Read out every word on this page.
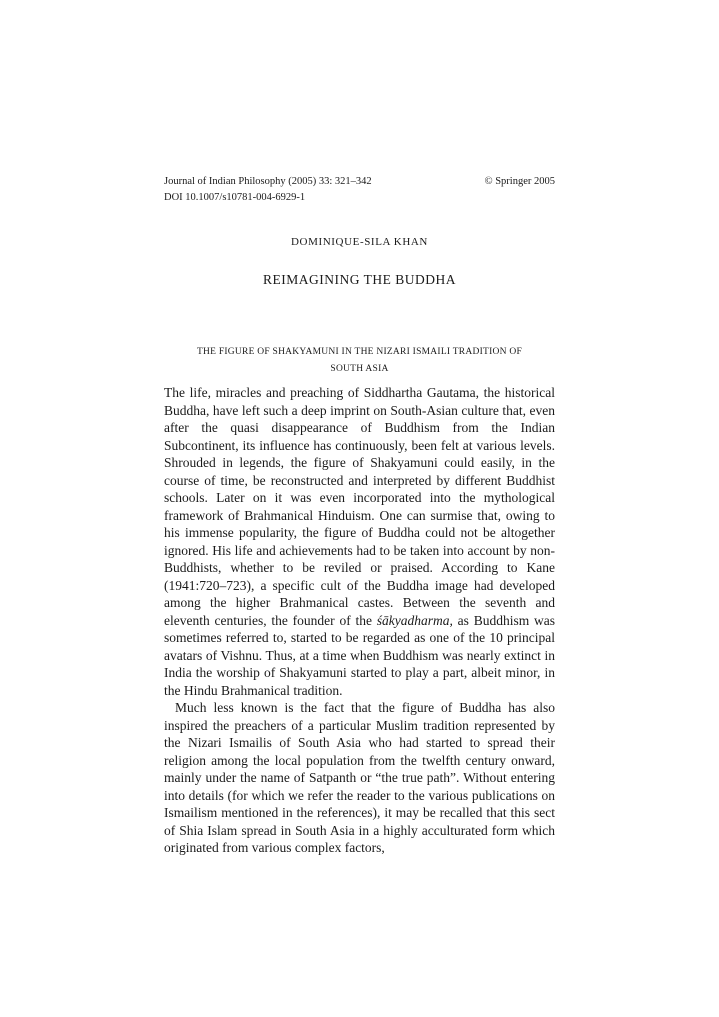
Journal of Indian Philosophy (2005) 33: 321–342	© Springer 2005
DOI 10.1007/s10781-004-6929-1
DOMINIQUE-SILA KHAN
REIMAGINING THE BUDDHA
THE FIGURE OF SHAKYAMUNI IN THE NIZARI ISMAILI TRADITION OF
SOUTH ASIA

The life, miracles and preaching of Siddhartha Gautama, the historical Buddha, have left such a deep imprint on South-Asian culture that, even after the quasi disappearance of Buddhism from the Indian Subcontinent, its influence has continuously, been felt at various levels. Shrouded in legends, the figure of Shakyamuni could easily, in the course of time, be reconstructed and interpreted by different Buddhist schools. Later on it was even incorporated into the mythological framework of Brahmanical Hinduism. One can surmise that, owing to his immense popularity, the figure of Buddha could not be altogether ignored. His life and achievements had to be taken into account by non-Buddhists, whether to be reviled or praised. According to Kane (1941:720–723), a specific cult of the Buddha image had developed among the higher Brahmanical castes. Between the seventh and eleventh centuries, the founder of the śākyadharma, as Buddhism was sometimes referred to, started to be regarded as one of the 10 principal avatars of Vishnu. Thus, at a time when Buddhism was nearly extinct in India the worship of Shakyamuni started to play a part, albeit minor, in the Hindu Brahmanical tradition.

Much less known is the fact that the figure of Buddha has also inspired the preachers of a particular Muslim tradition represented by the Nizari Ismailis of South Asia who had started to spread their religion among the local population from the twelfth century onward, mainly under the name of Satpanth or “the true path”. Without entering into details (for which we refer the reader to the various publications on Ismailism mentioned in the references), it may be recalled that this sect of Shia Islam spread in South Asia in a highly acculturated form which originated from various complex factors,
